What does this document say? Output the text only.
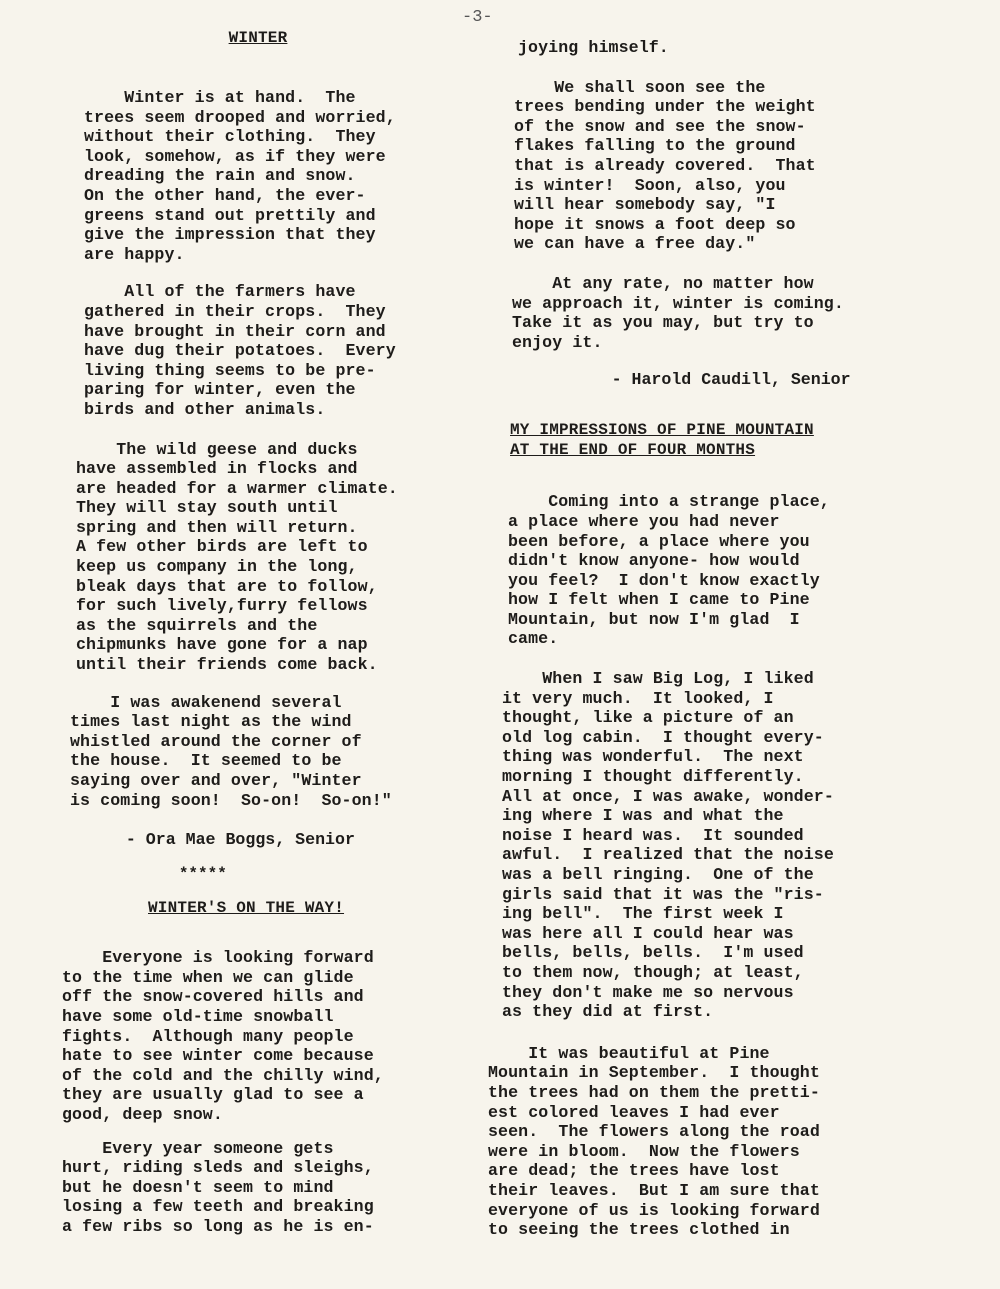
-3-
WINTER

Winter is at hand.  The
trees seem drooped and worried,
without their clothing.  They
look, somehow, as if they were
dreading the rain and snow.
On the other hand, the ever-
greens stand out prettily and
give the impression that they
are happy.

All of the farmers have
gathered in their crops.  They
have brought in their corn and
have dug their potatoes.  Every
living thing seems to be pre-
paring for winter, even the
birds and other animals.

The wild geese and ducks
have assembled in flocks and
are headed for a warmer climate.
They will stay south until
spring and then will return.
A few other birds are left to
keep us company in the long,
bleak days that are to follow,
for such lively,furry fellows
as the squirrels and the
chipmunks have gone for a nap
until their friends come back.

I was awakenend several
times last night as the wind
whistled around the corner of
the house.  It seemed to be
saying over and over, "Winter
is coming soon!  So-on!  So-on!"

- Ora Mae Boggs, Senior

*****

WINTER'S ON THE WAY!

Everyone is looking forward
to the time when we can glide
off the snow-covered hills and
have some old-time snowball
fights.  Although many people
hate to see winter come because
of the cold and the chilly wind,
they are usually glad to see a
good, deep snow.

Every year someone gets
hurt, riding sleds and sleighs,
but he doesn't seem to mind
losing a few teeth and breaking
a few ribs so long as he is en-

joying himself.

We shall soon see the
trees bending under the weight
of the snow and see the snow-
flakes falling to the ground
that is already covered.  That
is winter!  Soon, also, you
will hear somebody say, "I
hope it snows a foot deep so
we can have a free day."

At any rate, no matter how
we approach it, winter is coming.
Take it as you may, but try to
enjoy it.

- Harold Caudill, Senior

MY IMPRESSIONS OF PINE MOUNTAIN
AT THE END OF FOUR MONTHS

Coming into a strange place,
a place where you had never
been before, a place where you
didn't know anyone- how would
you feel?  I don't know exactly
how I felt when I came to Pine
Mountain, but now I'm glad  I
came.

When I saw Big Log, I liked
it very much.  It looked, I
thought, like a picture of an
old log cabin.  I thought every-
thing was wonderful.  The next
morning I thought differently.
All at once, I was awake, wonder-
ing where I was and what the
noise I heard was.  It sounded
awful.  I realized that the noise
was a bell ringing.  One of the
girls said that it was the "ris-
ing bell".  The first week I
was here all I could hear was
bells, bells, bells.  I'm used
to them now, though; at least,
they don't make me so nervous
as they did at first.

It was beautiful at Pine
Mountain in September.  I thought
the trees had on them the pretti-
est colored leaves I had ever
seen.  The flowers along the road
were in bloom.  Now the flowers
are dead; the trees have lost
their leaves.  But I am sure that
everyone of us is looking forward
to seeing the trees clothed in
